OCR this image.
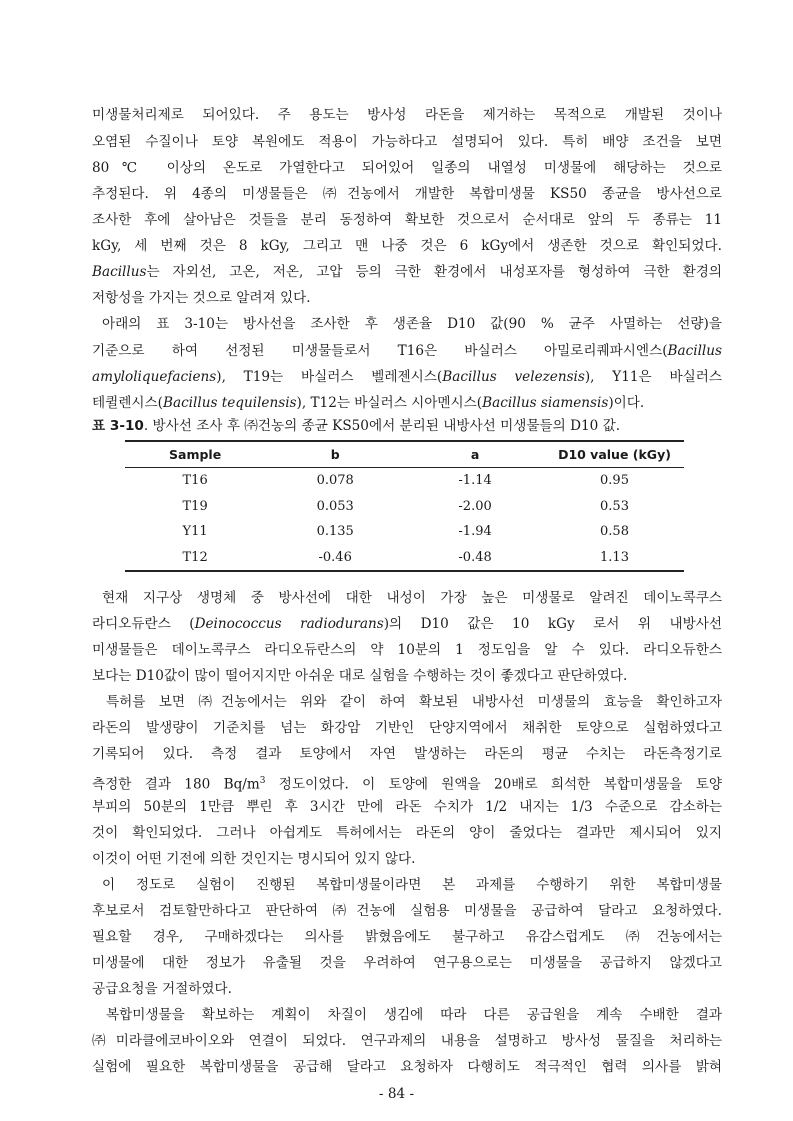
미생물처리제로 되어있다. 주 용도는 방사성 라돈을 제거하는 목적으로 개발된 것이나
오염된 수질이나 토양 복원에도 적용이 가능하다고 설명되어 있다. 특히 배양 조건을 보면
80℃ 이상의 온도로 가열한다고 되어있어 일종의 내열성 미생물에 해당하는 것으로
추정된다. 위 4종의 미생물들은 ㈜건농에서 개발한 복합미생물 KS50 종균을 방사선으로
조사한 후에 살아남은 것들을 분리 동정하여 확보한 것으로서 순서대로 앞의 두 종류는 11
kGy, 세 번째 것은 8 kGy, 그리고 맨 나중 것은 6 kGy에서 생존한 것으로 확인되었다.
Bacillus는 자외선, 고온, 저온, 고압 등의 극한 환경에서 내성포자를 형성하여 극한 환경의
저항성을 가지는 것으로 알려져 있다.
아래의 표 3-10는 방사선을 조사한 후 생존율 D10 값(90 % 균주 사멸하는 선량)을
기준으로 하여 선정된 미생물들로서 T16은 바실러스 아밀로리퀘파시엔스(Bacillus
amyloliquefaciens), T19는 바실러스 벨레젠시스(Bacillus velezensis), Y11은 바실러스
테퀼렌시스(Bacillus tequilensis), T12는 바실러스 시아멘시스(Bacillus siamensis)이다.
표 3-10. 방사선 조사 후 ㈜건농의 종균 KS50에서 분리된 내방사선 미생물들의 D10 값.
Sample	b	a	D10 value (kGy)
T16	0.078	-1.14	0.95
T19	0.053	-2.00	0.53
Y11	0.135	-1.94	0.58
T12	-0.46	-0.48	1.13
현재 지구상 생명체 중 방사선에 대한 내성이 가장 높은 미생물로 알려진 데이노콕쿠스
라디오듀란스 (Deinococcus radiodurans)의 D10 값은 10 kGy 로서 위 내방사선
미생물들은 데이노콕쿠스 라디오듀란스의 약 10분의 1 정도임을 알 수 있다. 라디오듀한스
보다는 D10값이 많이 떨어지지만 아쉬운 대로 실험을 수행하는 것이 좋겠다고 판단하였다.
특허를 보면 ㈜건농에서는 위와 같이 하여 확보된 내방사선 미생물의 효능을 확인하고자
라돈의 발생량이 기준치를 넘는 화강암 기반인 단양지역에서 채취한 토양으로 실험하였다고
기록되어 있다. 측정 결과 토양에서 자연 발생하는 라돈의 평균 수치는 라돈측정기로
측정한 결과 180 $Bq/m^3$ 정도이었다. 이 토양에 원액을 20배로 희석한 복합미생물을 토양
부피의 50분의 1만큼 뿌린 후 3시간 만에 라돈 수치가 1/2 내지는 1/3 수준으로 감소하는
것이 확인되었다. 그러나 아쉽게도 특허에서는 라돈의 양이 줄었다는 결과만 제시되어 있지
이것이 어떤 기전에 의한 것인지는 명시되어 있지 않다.
이 정도로 실험이 진행된 복합미생물이라면 본 과제를 수행하기 위한 복합미생물
후보로서 검토할만하다고 판단하여 ㈜건농에 실험용 미생물을 공급하여 달라고 요청하였다.
필요할 경우, 구매하겠다는 의사를 밝혔음에도 불구하고 유감스럽게도 ㈜건농에서는
미생물에 대한 정보가 유출될 것을 우려하여 연구용으로는 미생물을 공급하지 않겠다고
공급요청을 거절하였다.
복합미생물을 확보하는 계획이 차질이 생김에 따라 다른 공급원을 계속 수배한 결과
㈜미라클에코바이오와 연결이 되었다. 연구과제의 내용을 설명하고 방사성 물질을 처리하는
실험에 필요한 복합미생물을 공급해 달라고 요청하자 다행히도 적극적인 협력 의사를 밝혀
- 84 -
